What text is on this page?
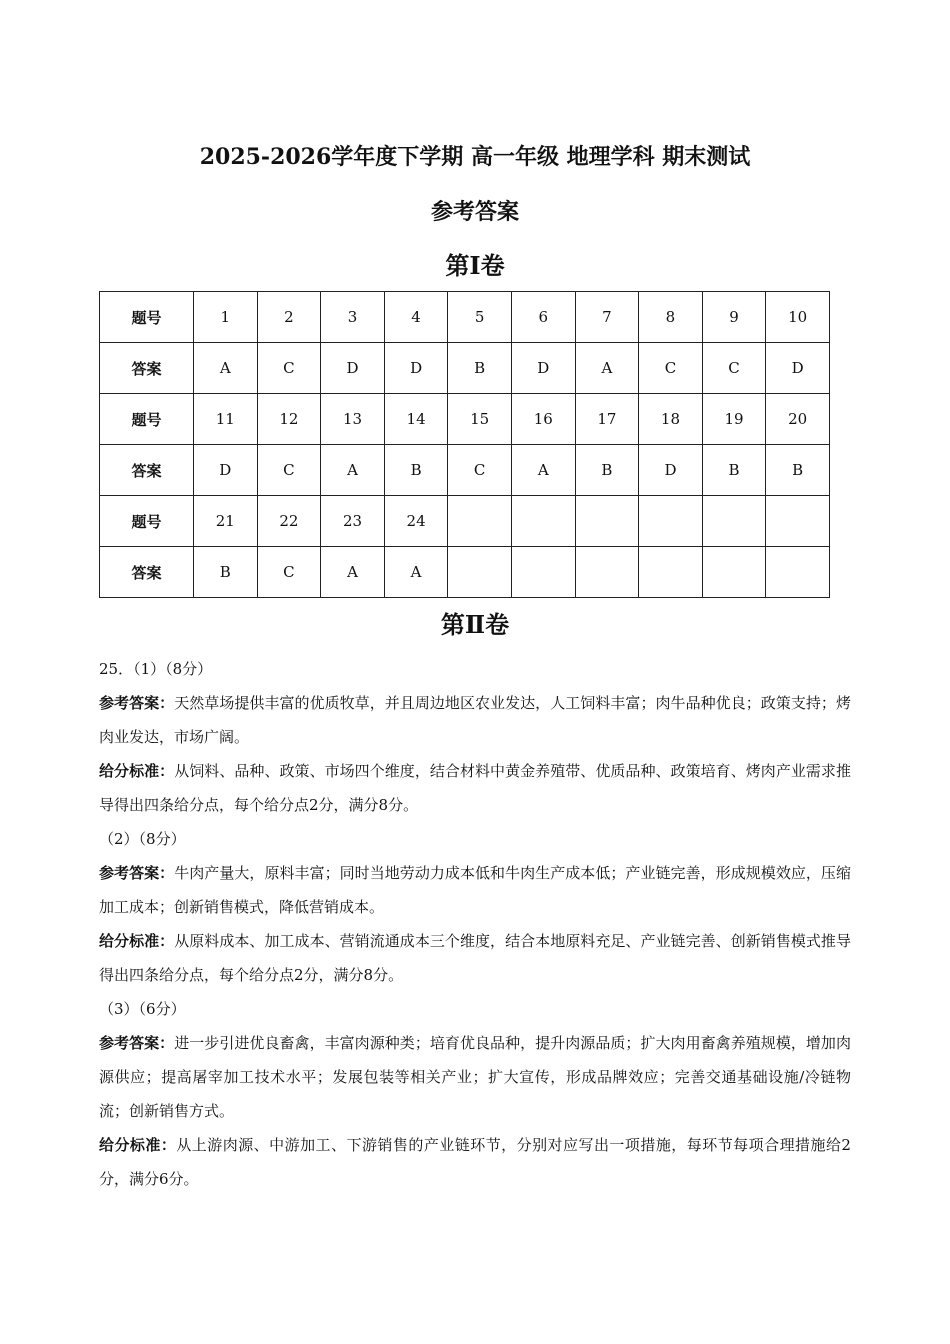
2025-2026学年度下学期 高一年级 地理学科 期末测试
参考答案
第Ⅰ卷
题号	1	2	3	4	5	6	7	8	9	10
答案	A	C	D	D	B	D	A	C	C	D
题号	11	12	13	14	15	16	17	18	19	20
答案	D	C	A	B	C	A	B	D	B	B
题号	21	22	23	24						
答案	B	C	A	A						
第Ⅱ卷

25．（1）（8分）

参考答案：天然草场提供丰富的优质牧草，并且周边地区农业发达，人工饲料丰富；肉牛品种优良；政策支持；烤肉业发达，市场广阔。

给分标准：从饲料、品种、政策、市场四个维度，结合材料中黄金养殖带、优质品种、政策培育、烤肉产业需求推导得出四条给分点，每个给分点2分，满分8分。

（2）（8分）

参考答案：牛肉产量大，原料丰富；同时当地劳动力成本低和牛肉生产成本低；产业链完善，形成规模效应，压缩加工成本；创新销售模式，降低营销成本。

给分标准：从原料成本、加工成本、营销流通成本三个维度，结合本地原料充足、产业链完善、创新销售模式推导得出四条给分点，每个给分点2分，满分8分。

（3）（6分）

参考答案：进一步引进优良畜禽，丰富肉源种类；培育优良品种，提升肉源品质；扩大肉用畜禽养殖规模，增加肉源供应；提高屠宰加工技术水平；发展包装等相关产业；扩大宣传，形成品牌效应；完善交通基础设施/冷链物流；创新销售方式。

给分标准：从上游肉源、中游加工、下游销售的产业链环节，分别对应写出一项措施，每环节每项合理措施给2分，满分6分。
